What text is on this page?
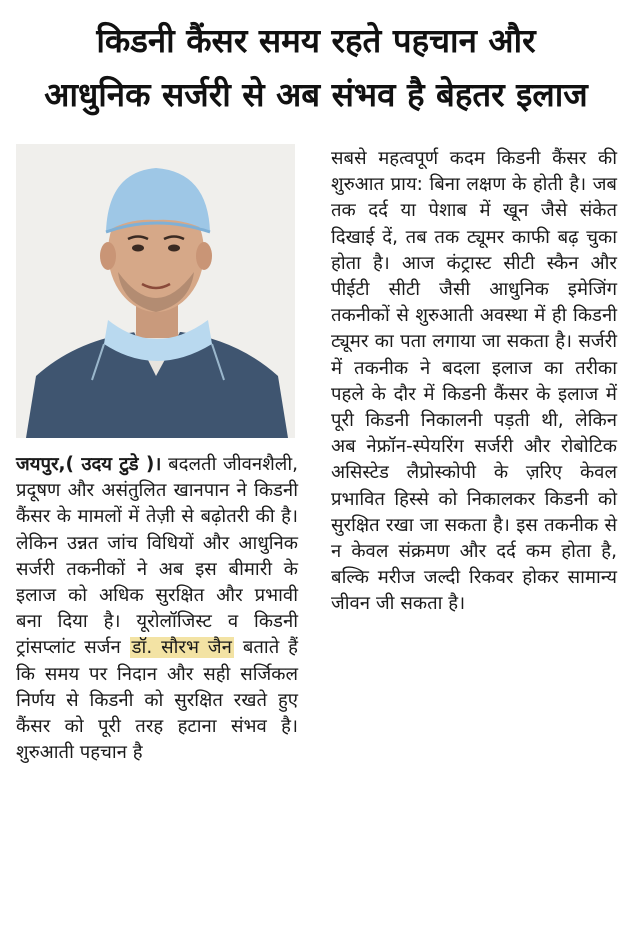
किडनी कैंसर समय रहते पहचान और
आधुनिक सर्जरी से अब संभव है बेहतर इलाज
जयपुर,( उदय टुडे )। बदलती जीवनशैली, प्रदूषण और असंतुलित खानपान ने किडनी कैंसर के मामलों में तेज़ी से बढ़ोतरी की है। लेकिन उन्नत जांच विधियों और आधुनिक सर्जरी तकनीकों ने अब इस बीमारी के इलाज को अधिक सुरक्षित और प्रभावी बना दिया है। यूरोलॉजिस्ट व किडनी ट्रांसप्लांट सर्जन डॉ. सौरभ जैन बताते हैं कि समय पर निदान और सही सर्जिकल निर्णय से किडनी को सुरक्षित रखते हुए कैंसर को पूरी तरह हटाना संभव है। शुरुआती पहचान है
सबसे महत्वपूर्ण कदम किडनी कैंसर की शुरुआत प्राय: बिना लक्षण के होती है। जब तक दर्द या पेशाब में खून जैसे संकेत दिखाई दें, तब तक ट्यूमर काफी बढ़ चुका होता है। आज कंट्रास्ट सीटी स्कैन और पीईटी सीटी जैसी आधुनिक इमेजिंग तकनीकों से शुरुआती अवस्था में ही किडनी ट्यूमर का पता लगाया जा सकता है। सर्जरी में तकनीक ने बदला इलाज का तरीका पहले के दौर में किडनी कैंसर के इलाज में पूरी किडनी निकालनी पड़ती थी, लेकिन अब नेफ्रॉन-स्पेयरिंग सर्जरी और रोबोटिक असिस्टेड लैप्रोस्कोपी के ज़रिए केवल प्रभावित हिस्से को निकालकर किडनी को सुरक्षित रखा जा सकता है। इस तकनीक से न केवल संक्रमण और दर्द कम होता है, बल्कि मरीज जल्दी रिकवर होकर सामान्य जीवन जी सकता है।
